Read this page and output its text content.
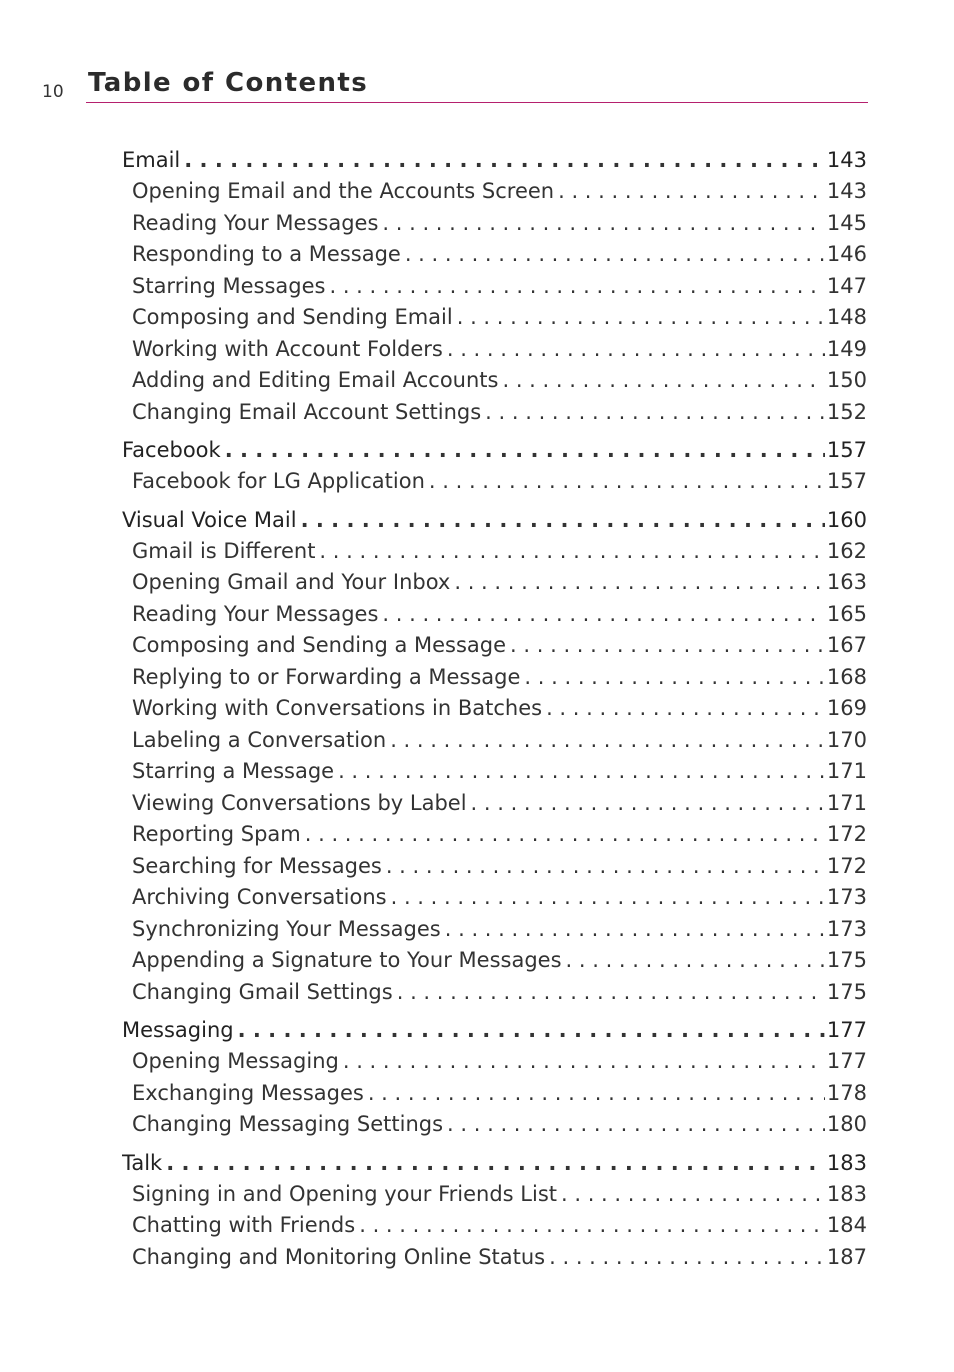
10 Table of Contents
Email . . .	143
Opening Email and the Accounts Screen . . .	143
Reading Your Messages . . .	145
Responding to a Message . . .	146
Starring Messages . . .	147
Composing and Sending Email . . .	148
Working with Account Folders . . .	149
Adding and Editing Email Accounts . . .	150
Changing Email Account Settings . . .	152
Facebook . . .	157
Facebook for LG Application . . .	157
Visual Voice Mail . . .	160
Gmail is Different . . .	162
Opening Gmail and Your Inbox . . .	163
Reading Your Messages . . .	165
Composing and Sending a Message . . .	167
Replying to or Forwarding a Message . . .	168
Working with Conversations in Batches . . .	169
Labeling a Conversation . . .	170
Starring a Message . . .	171
Viewing Conversations by Label . . .	171
Reporting Spam . . .	172
Searching for Messages . . .	172
Archiving Conversations . . .	173
Synchronizing Your Messages . . .	173
Appending a Signature to Your Messages . . .	175
Changing Gmail Settings . . .	175
Messaging . . .	177
Opening Messaging . . .	177
Exchanging Messages . . .	178
Changing Messaging Settings . . .	180
Talk . . .	183
Signing in and Opening your Friends List . . .	183
Chatting with Friends . . .	184
Changing and Monitoring Online Status . . .	187
